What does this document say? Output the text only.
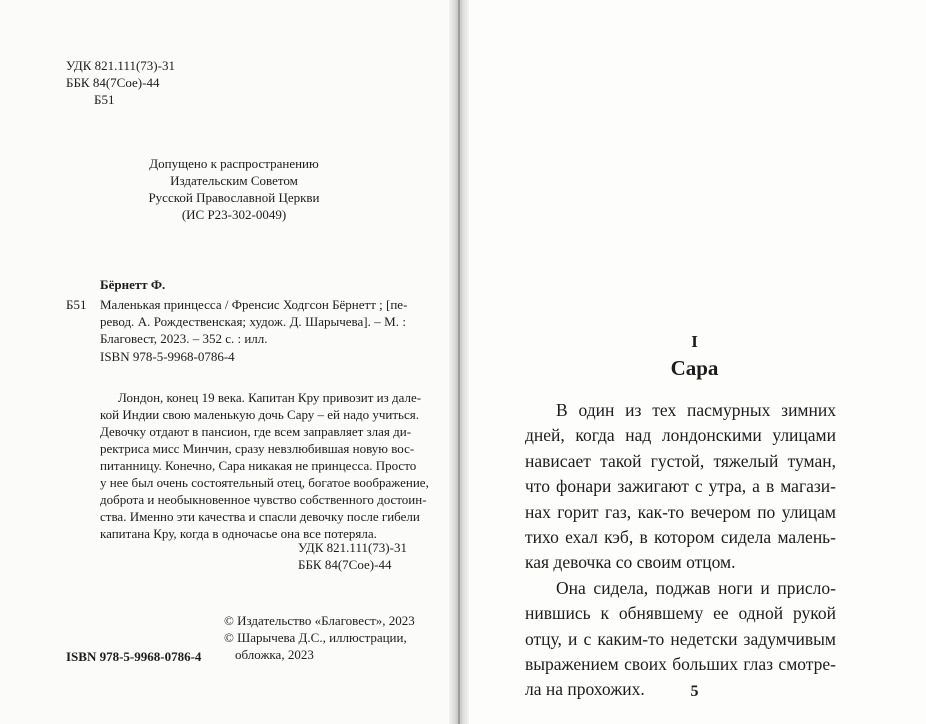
УДК 821.111(73)-31
ББК 84(7Сое)-44
Б51
Допущено к распространению
Издательским Советом
Русской Православной Церкви
(ИС Р23-302-0049)
Бёрнетт Ф.
Б51 Маленькая принцесса / Френсис Ходгсон Бёрнетт ; [пе-
ревод. А. Рождественская; худож. Д. Шарычева]. – М. :
Благовест, 2023. – 352 с. : илл.
ISBN 978-5-9968-0786-4
Лондон, конец 19 века. Капитан Кру привозит из дале-
кой Индии свою маленькую дочь Сару – ей надо учиться.
Девочку отдают в пансион, где всем заправляет злая ди-
ректриса мисс Минчин, сразу невзлюбившая новую вос-
питанницу. Конечно, Сара никакая не принцесса. Просто
у нее был очень состоятельный отец, богатое воображение,
доброта и необыкновенное чувство собственного достоин-
ства. Именно эти качества и спасли девочку после гибели
капитана Кру, когда в одночасье она все потеряла.
УДК 821.111(73)-31
ББК 84(7Сое)-44
© Издательство «Благовест», 2023
© Шарычева Д.С., иллюстрации,
обложка, 2023
ISBN 978-5-9968-0786-4
I
Сара
В один из тех пасмурных зимних
дней, когда над лондонскими улицами
нависает такой густой, тяжелый туман,
что фонари зажигают с утра, а в магази-
нах горит газ, как-то вечером по улицам
тихо ехал кэб, в котором сидела малень-
кая девочка со своим отцом.
Она сидела, поджав ноги и присло-
нившись к обнявшему ее одной рукой
отцу, и с каким-то недетски задумчивым
выражением своих больших глаз смотре-
ла на прохожих.	5
